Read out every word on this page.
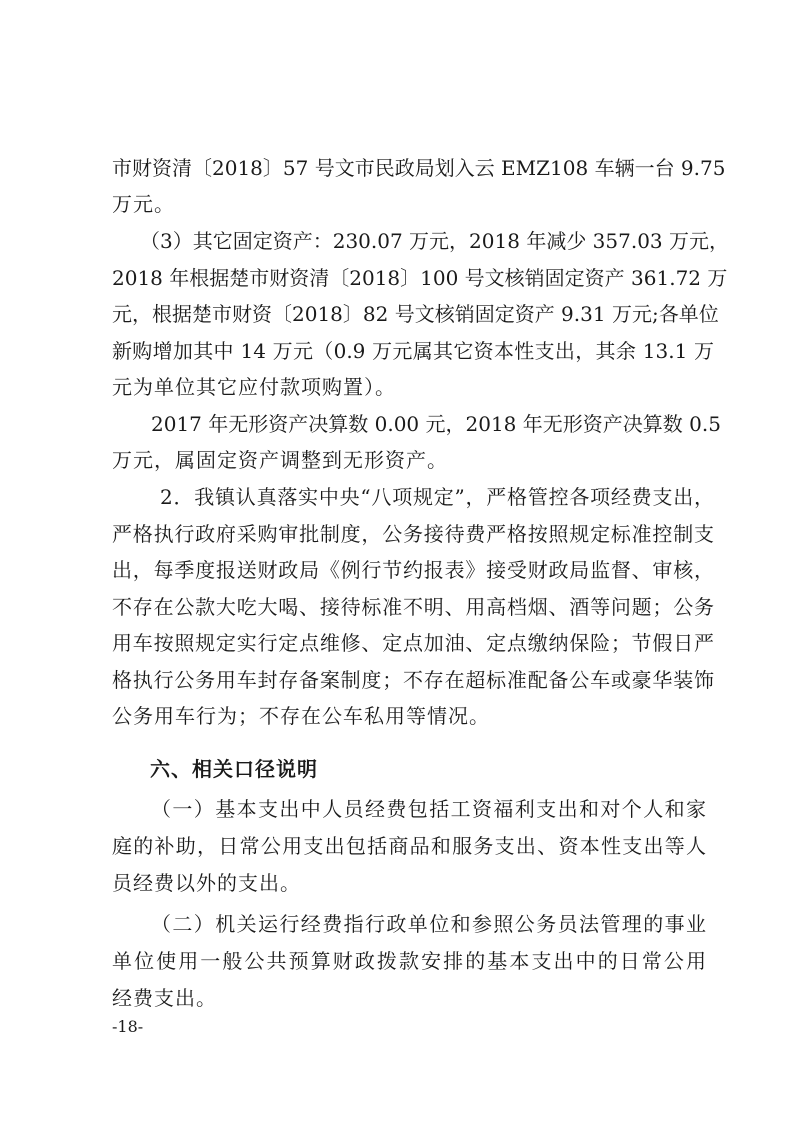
市财资清〔2018〕57 号文市民政局划入云 EMZ108 车辆一台 9.75
万元。
（3）其它固定资产：230.07 万元，2018 年减少 357.03 万元，
2018 年根据楚市财资清〔2018〕100 号文核销固定资产 361.72 万
元，根据楚市财资〔2018〕82 号文核销固定资产 9.31 万元;各单位
新购增加其中 14 万元（0.9 万元属其它资本性支出，其余 13.1 万
元为单位其它应付款项购置）。
2017 年无形资产决算数 0.00 元，2018 年无形资产决算数 0.5
万元，属固定资产调整到无形资产。
2．我镇认真落实中央“八项规定”，严格管控各项经费支出，
严格执行政府采购审批制度，公务接待费严格按照规定标准控制支
出，每季度报送财政局《例行节约报表》接受财政局监督、审核，
不存在公款大吃大喝、接待标准不明、用高档烟、酒等问题；公务
用车按照规定实行定点维修、定点加油、定点缴纳保险；节假日严
格执行公务用车封存备案制度；不存在超标准配备公车或豪华装饰
公务用车行为；不存在公车私用等情况。
六、相关口径说明
（一）基本支出中人员经费包括工资福利支出和对个人和家
庭的补助，日常公用支出包括商品和服务支出、资本性支出等人
员经费以外的支出。
（二）机关运行经费指行政单位和参照公务员法管理的事业
单位使用一般公共预算财政拨款安排的基本支出中的日常公用
经费支出。
-18-
